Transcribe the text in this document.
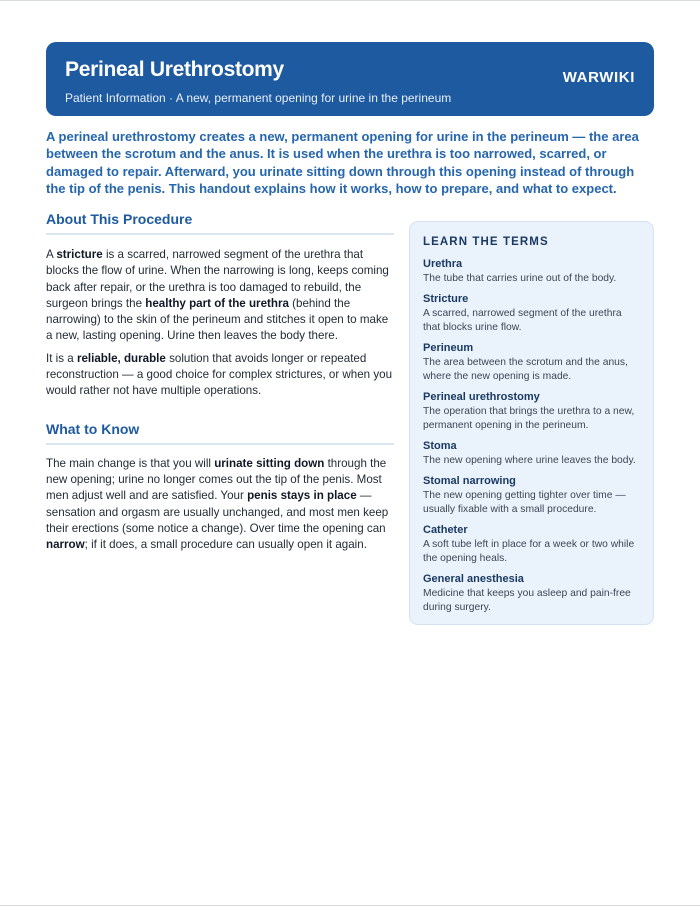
Perineal Urethrostomy
Patient Information · A new, permanent opening for urine in the perineum
WARWIKI

A perineal urethrostomy creates a new, permanent opening for urine in the perineum — the area between the scrotum and the anus. It is used when the urethra is too narrowed, scarred, or damaged to repair. Afterward, you urinate sitting down through this opening instead of through the tip of the penis. This handout explains how it works, how to prepare, and what to expect.

About This Procedure

A stricture is a scarred, narrowed segment of the urethra that blocks the flow of urine. When the narrowing is long, keeps coming back after repair, or the urethra is too damaged to rebuild, the surgeon brings the healthy part of the urethra (behind the narrowing) to the skin of the perineum and stitches it open to make a new, lasting opening. Urine then leaves the body there.

It is a reliable, durable solution that avoids longer or repeated reconstruction — a good choice for complex strictures, or when you would rather not have multiple operations.

What to Know

The main change is that you will urinate sitting down through the new opening; urine no longer comes out the tip of the penis. Most men adjust well and are satisfied. Your penis stays in place — sensation and orgasm are usually unchanged, and most men keep their erections (some notice a change). Over time the opening can narrow; if it does, a small procedure can usually open it again.

LEARN THE TERMS
Urethra
The tube that carries urine out of the body.
Stricture
A scarred, narrowed segment of the urethra that blocks urine flow.
Perineum
The area between the scrotum and the anus, where the new opening is made.
Perineal urethrostomy
The operation that brings the urethra to a new, permanent opening in the perineum.
Stoma
The new opening where urine leaves the body.
Stomal narrowing
The new opening getting tighter over time — usually fixable with a small procedure.
Catheter
A soft tube left in place for a week or two while the opening heals.
General anesthesia
Medicine that keeps you asleep and pain-free during surgery.
